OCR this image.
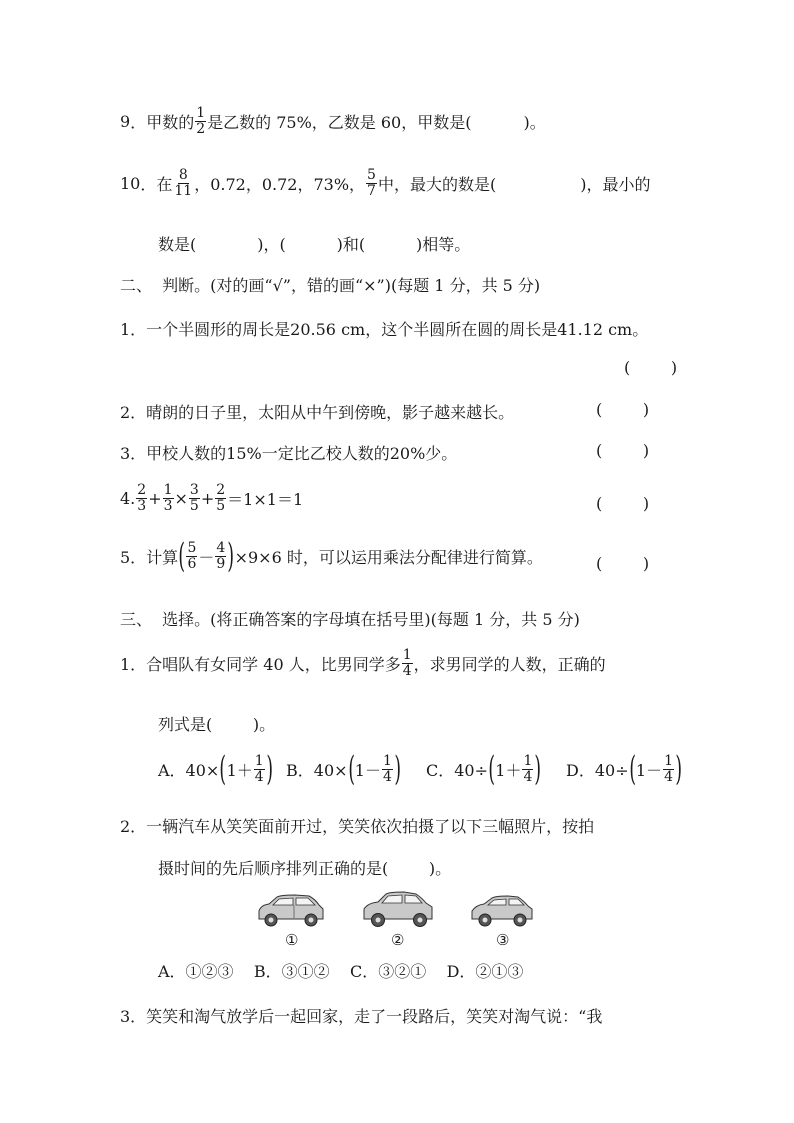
9 ． 甲数的 $\frac{1}{2}$ 是乙数的 75%，乙数是 60，甲数是(	)。
10 ． 在 $\frac{8}{11}$ ，0.72，0.72，73%， $\frac{5}{7}$ 中，最大的数是(	)，最小的
数是(            )，(          )和(          )相等。
二、  判断。(对的画“√”，错的画“×”)(每题 1 分，共 5 分)
1．一个半圆形的周长是20.56 cm，这个半圆所在圆的周长是41.12 cm。
(        )
2．晴朗的日子里，太阳从中午到傍晚，影子越来越长。	(        )
3．甲校人数的15%一定比乙校人数的20%少。	(        )
4. $\frac{2}{3} + \frac{1}{3} \times \frac{3}{5} + \frac{2}{5} =1\times 1=1$	(        )
5．计算 ( $\frac{5}{6} - \frac{4}{9}$ ) ×9×6 时，可以运用乘法分配律进行简算。	(        )
三、  选择。(将正确答案的字母填在括号里)(每题 1 分，共 5 分)
1．合唱队有女同学 40 人，比男同学多 $\frac{1}{4}$ ，求男同学的人数，正确的
列式是(        )。
A．40× ( $1+ \frac{1}{4}$ ) B．40× ( $1- \frac{1}{4}$ ) C．40÷ ( $1+ \frac{1}{4}$ ) D．40÷ ( $1- \frac{1}{4}$ )
2．一辆汽车从笑笑面前开过，笑笑依次拍摄了以下三幅照片，按拍
摄时间的先后顺序排列正确的是(        )。
①	②	③
A．①②③    B．③①②    C．③②①    D．②①③
3．笑笑和淘气放学后一起回家，走了一段路后，笑笑对淘气说：“我
